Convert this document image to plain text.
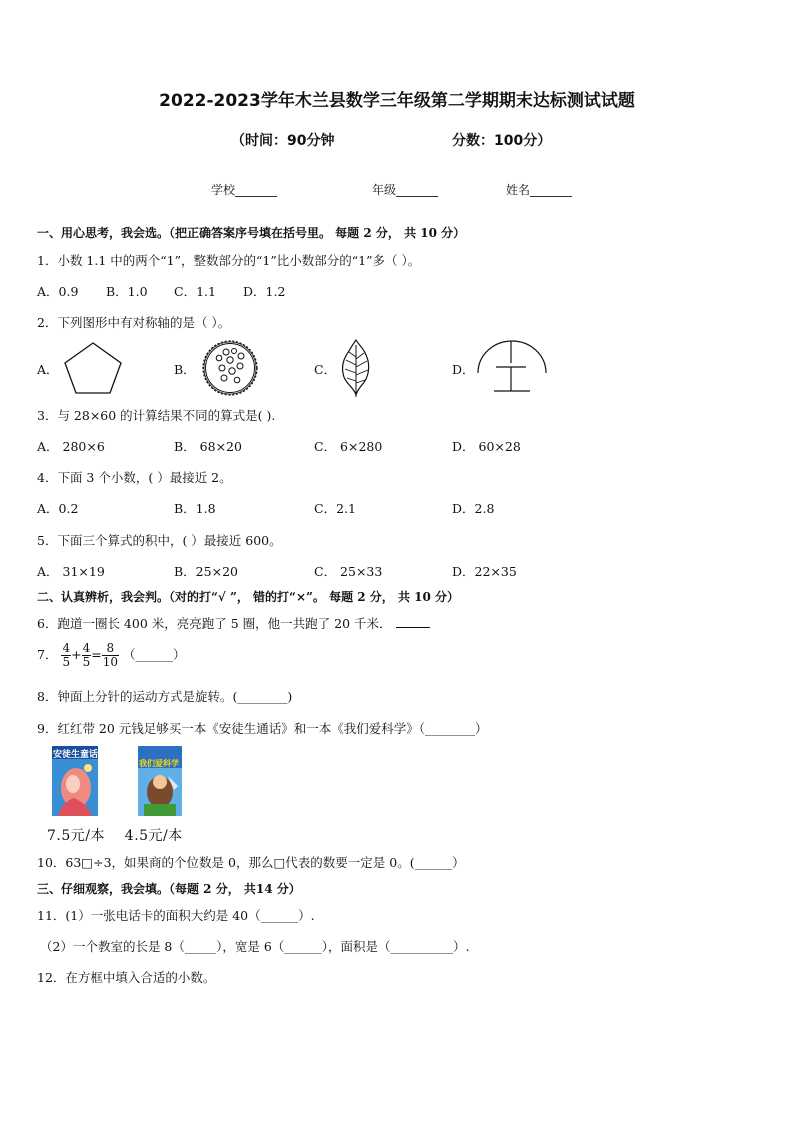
2022-2023学年木兰县数学三年级第二学期期末达标测试试题
（时间：90分钟	分数：100分）
学校_______	年级_______	姓名_______
一、用心思考，我会选。（把正确答案序号填在括号里。 每题 2 分， 共 10 分）
1．小数 1.1 中的两个“1”，整数部分的“1”比小数部分的“1”多（ ）。
A．0.9 B．1.0 C．1.1 D．1.2
2．下列图形中有对称轴的是（ ）。
A．	B．	C．	D．
3．与 28×60 的计算结果不同的算式是( ).
A． 280×6	B． 68×20	C． 6×280	D． 60×28
4．下面 3 个小数，( ）最接近 2。
A．0.2	B．1.8	C．2.1	D．2.8
5．下面三个算式的积中，( ）最接近 600。
A． 31×19	B．25×20	C． 25×33	D．22×35
二、认真辨析，我会判。（对的打“√ ”， 错的打“×”。 每题 2 分， 共 10 分）
6．跑道一圈长 400 米，亮亮跑了 5 圈，他一共跑了 20 千米．
7． $\frac{4}{5} + \frac{4}{5} = \frac{8}{10}$ （______）
8．钟面上分针的运动方式是旋转。(________)
9．红红带 20 元钱足够买一本《安徒生通话》和一本《我们爱科学》（________）
安徒生童话
我们爱科学
7.5元/本    4.5元/本
10．63□÷3，如果商的个位数是 0，那么□代表的数要一定是 0。(______）
三、仔细观察，我会填。（每题 2 分， 共14 分）
11．(1）一张电话卡的面积大约是 40（______）.
（2）一个教室的长是 8（_____），宽是 6（______），面积是（__________）.
12．在方框中填入合适的小数。
